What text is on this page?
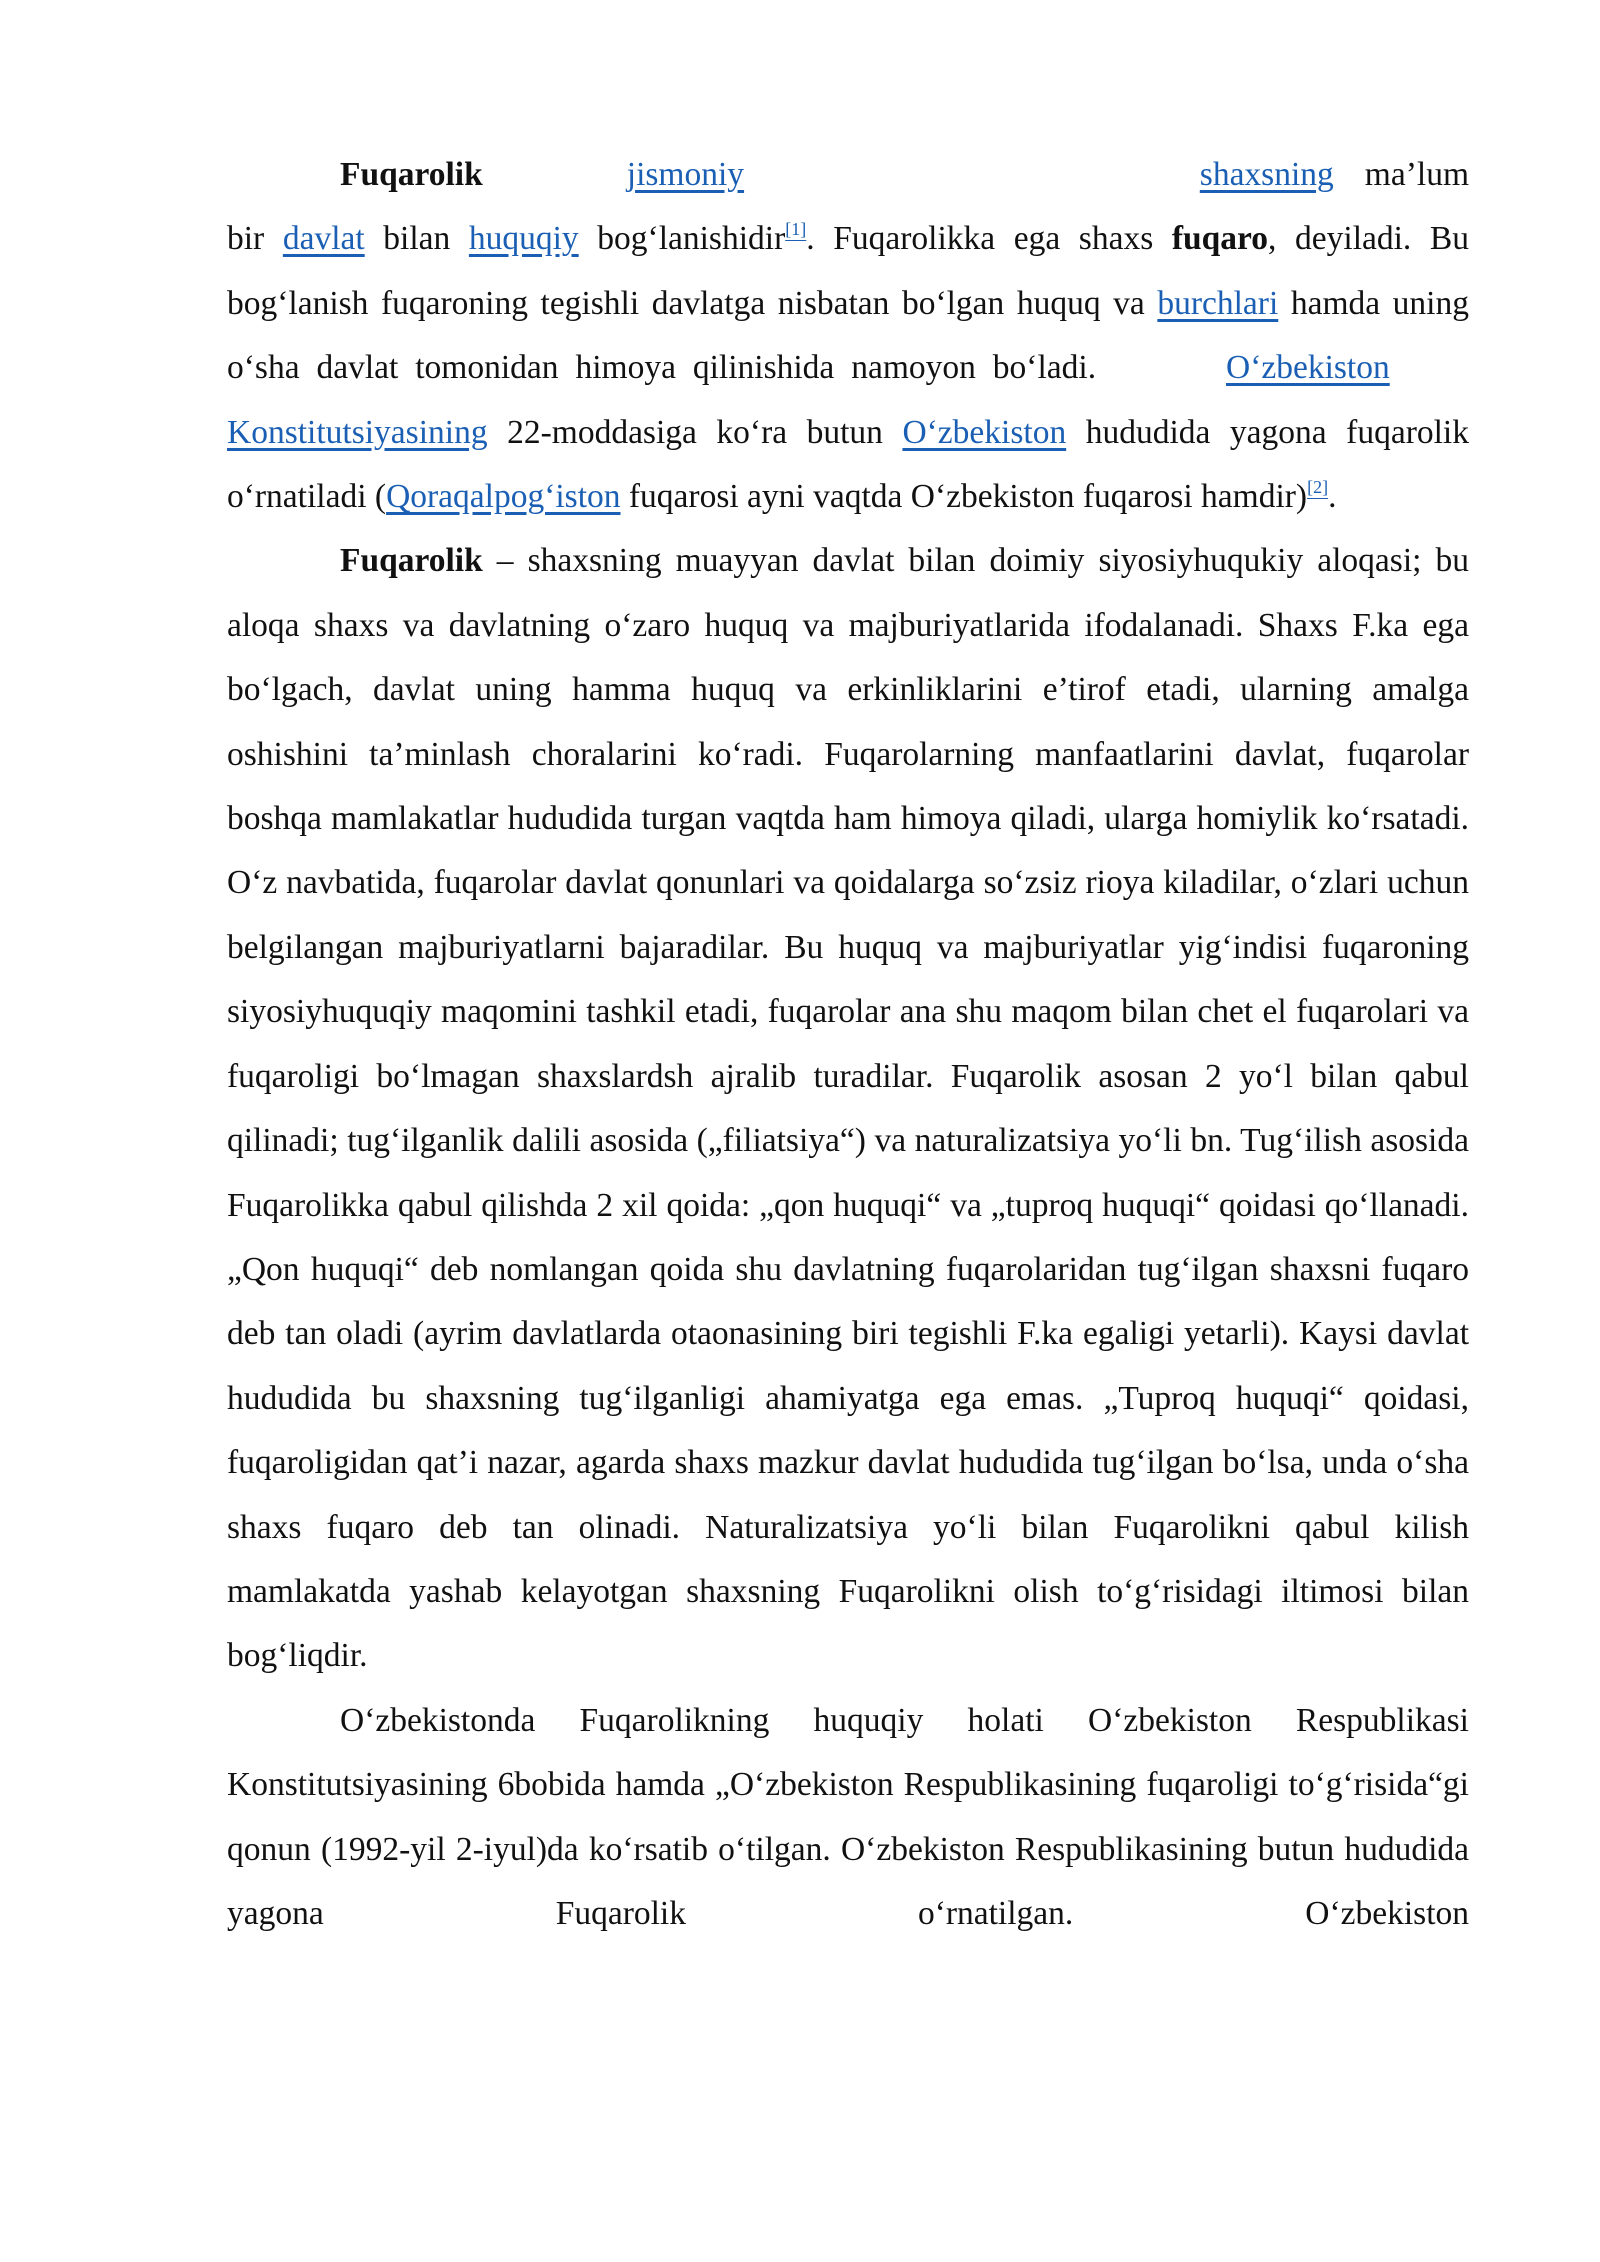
Fuqarolik	jismoniy	shaxsning ma’lum bir davlat bilan huquqiy bog‘lanishidir[1]. Fuqarolikka ega shaxs fuqaro, deyiladi. Bu bog‘lanish fuqaroning tegishli davlatga nisbatan bo‘lgan huquq va burchlari hamda uning o‘sha davlat tomonidan himoya qilinishida namoyon bo‘ladi.	O‘zbekistonKonstitutsiyasining 22-moddasiga ko‘ra butun O‘zbekiston hududida yagona fuqarolik o‘rnatiladi (Qoraqalpog‘iston fuqarosi ayni vaqtda O‘zbekiston fuqarosi hamdir)[2].

Fuqarolik – shaxsning muayyan davlat bilan doimiy siyosiyhuqukiy aloqasi; bu aloqa shaxs va davlatning o‘zaro huquq va majburiyatlarida ifodalanadi. Shaxs F.ka ega bo‘lgach, davlat uning hamma huquq va erkinliklarini e’tirof etadi, ularning amalga oshishini ta’minlash choralarini ko‘radi. Fuqarolarning manfaatlarini davlat, fuqarolar boshqa mamlakatlar hududida turgan vaqtda ham himoya qiladi, ularga homiylik ko‘rsatadi. O‘z navbatida, fuqarolar davlat qonunlari va qoidalarga so‘zsiz rioya kiladilar, o‘zlari uchun belgilangan majburiyatlarni bajaradilar. Bu huquq va majburiyatlar yig‘indisi fuqaroning siyosiyhuquqiy maqomini tashkil etadi, fuqarolar ana shu maqom bilan chet el fuqarolari va fuqaroligi bo‘lmagan shaxslardsh ajralib turadilar. Fuqarolik asosan 2 yo‘l bilan qabul qilinadi; tug‘ilganlik dalili asosida („filiatsiya“) va naturalizatsiya yo‘li bn. Tug‘ilish asosida Fuqarolikka qabul qilishda 2 xil qoida: „qon huquqi“ va „tuproq huquqi“ qoidasi qo‘llanadi. „Qon huquqi“ deb nomlangan qoida shu davlatning fuqarolaridan tug‘ilgan shaxsni fuqaro deb tan oladi (ayrim davlatlarda otaonasining biri tegishli F.ka egaligi yetarli). Kaysi davlat hududida bu shaxsning tug‘ilganligi ahamiyatga ega emas. „Tuproq huquqi“ qoidasi, fuqaroligidan qat’i nazar, agarda shaxs mazkur davlat hududida tug‘ilgan bo‘lsa, unda o‘sha shaxs fuqaro deb tan olinadi. Naturalizatsiya yo‘li bilan Fuqarolikni qabul kilish mamlakatda yashab kelayotgan shaxsning Fuqarolikni olish to‘g‘risidagi iltimosi bilan bog‘liqdir.

O‘zbekistonda Fuqarolikning huquqiy holati O‘zbekiston Respublikasi Konstitutsiyasining 6bobida hamda „O‘zbekiston Respublikasining fuqaroligi to‘g‘risida“gi qonun (1992-yil 2-iyul)da ko‘rsatib o‘tilgan. O‘zbekiston Respublikasining butun hududida yagona Fuqarolik o‘rnatilgan. O‘zbekiston
